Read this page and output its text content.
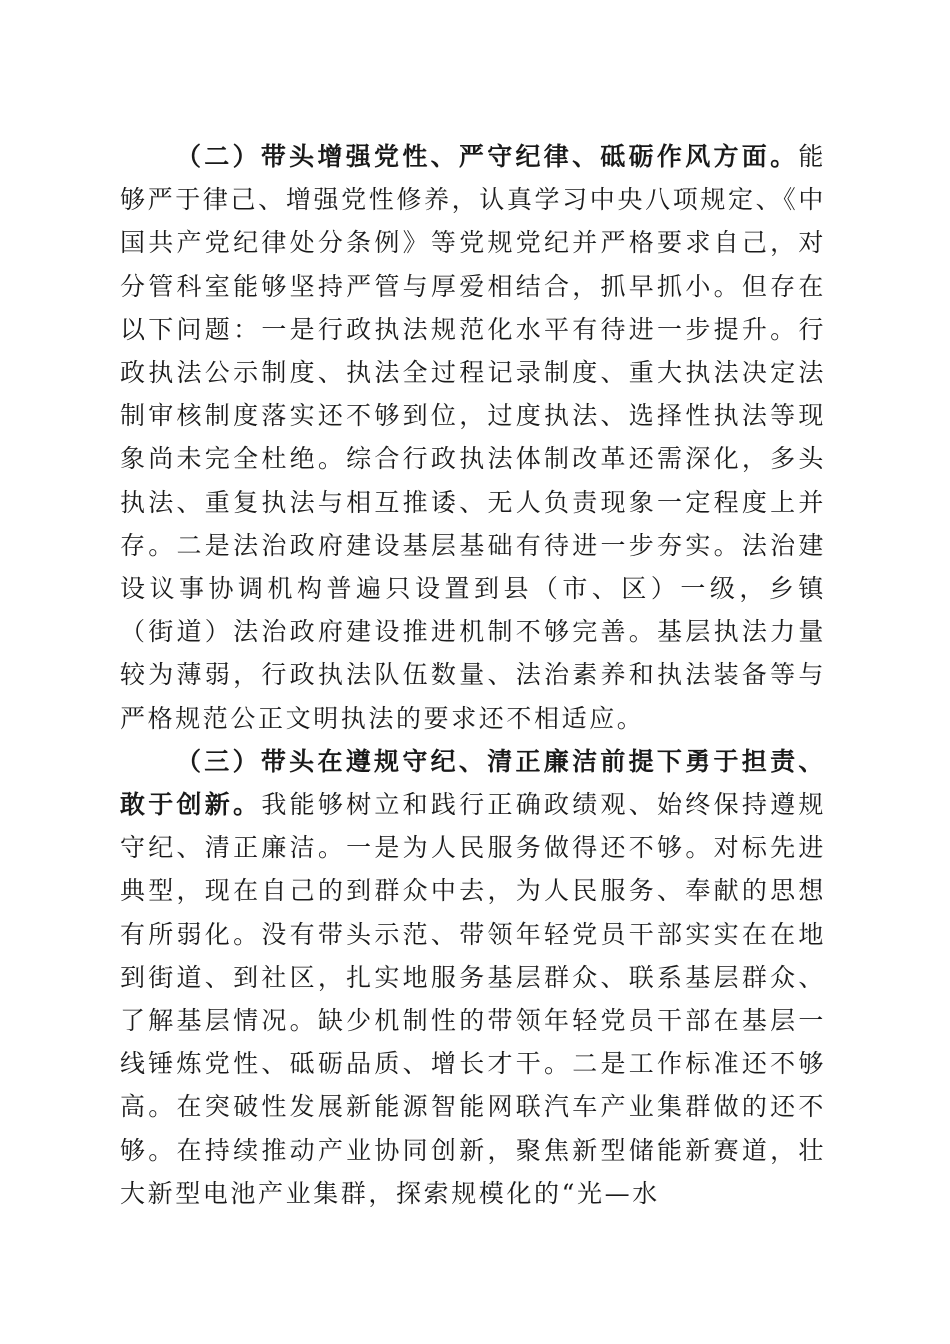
（二）带头增强党性、严守纪律、砥砺作风方面。能够严于律己、增强党性修养，认真学习中央八项规定、《中国共产党纪律处分条例》等党规党纪并严格要求自己，对分管科室能够坚持严管与厚爱相结合，抓早抓小。但存在以下问题：一是行政执法规范化水平有待进一步提升。行政执法公示制度、执法全过程记录制度、重大执法决定法制审核制度落实还不够到位，过度执法、选择性执法等现象尚未完全杜绝。综合行政执法体制改革还需深化，多头执法、重复执法与相互推诿、无人负责现象一定程度上并存。二是法治政府建设基层基础有待进一步夯实。法治建设议事协调机构普遍只设置到县（市、区）一级，乡镇（街道）法治政府建设推进机制不够完善。基层执法力量较为薄弱，行政执法队伍数量、法治素养和执法装备等与严格规范公正文明执法的要求还不相适应。

（三）带头在遵规守纪、清正廉洁前提下勇于担责、敢于创新。我能够树立和践行正确政绩观、始终保持遵规守纪、清正廉洁。一是为人民服务做得还不够。对标先进典型，现在自己的到群众中去，为人民服务、奉献的思想有所弱化。没有带头示范、带领年轻党员干部实实在在地到街道、到社区，扎实地服务基层群众、联系基层群众、了解基层情况。缺少机制性的带领年轻党员干部在基层一线锤炼党性、砥砺品质、增长才干。二是工作标准还不够高。在突破性发展新能源智能网联汽车产业集群做的还不够。在持续推动产业协同创新，聚焦新型储能新赛道，壮大新型电池产业集群，探索规模化的“光—水
